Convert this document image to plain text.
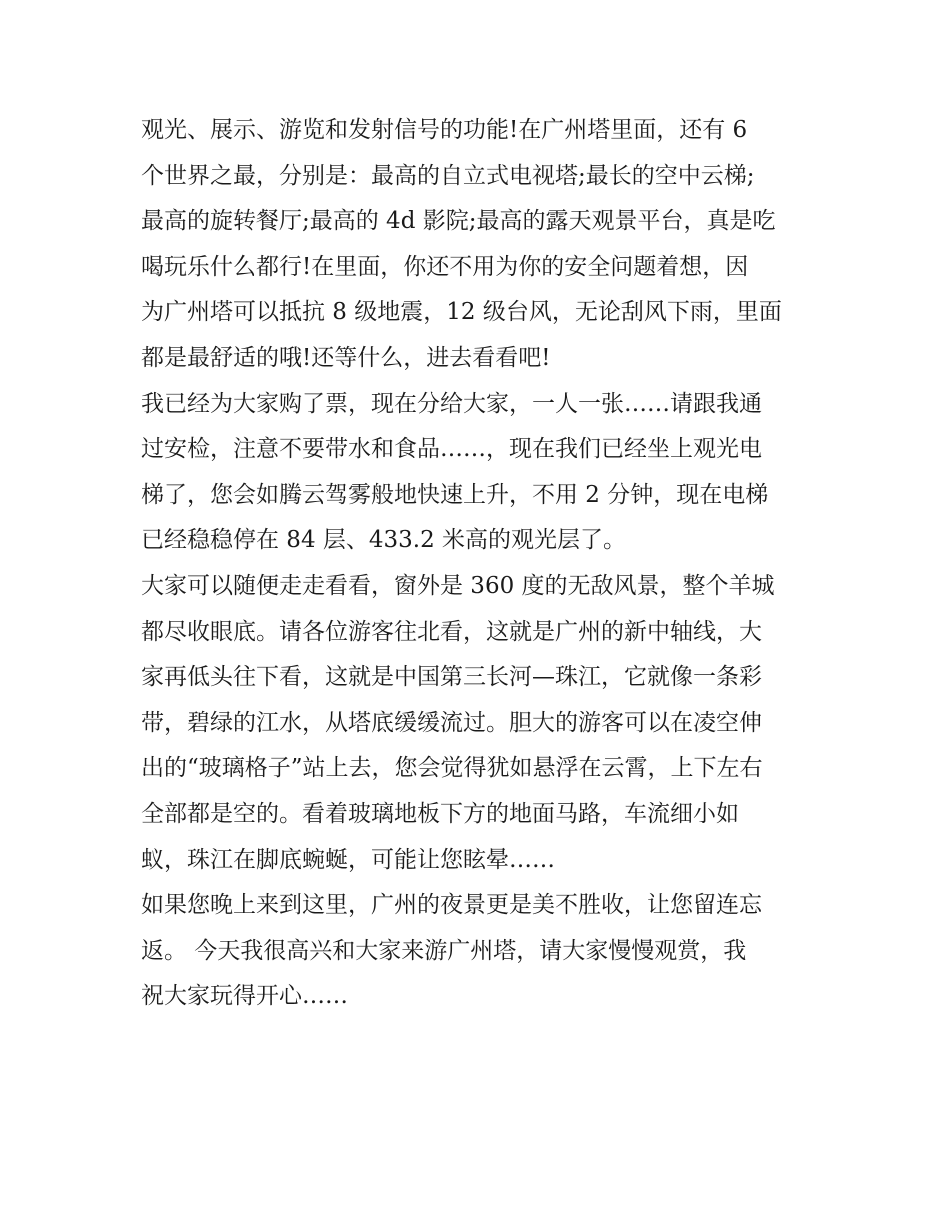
观光、展示、游览和发射信号的功能!在广州塔里面，还有 6
个世界之最，分别是：最高的自立式电视塔;最长的空中云梯;
最高的旋转餐厅;最高的 4d 影院;最高的露天观景平台，真是吃
喝玩乐什么都行!在里面，你还不用为你的安全问题着想，因
为广州塔可以抵抗 8 级地震，12 级台风，无论刮风下雨，里面
都是最舒适的哦!还等什么，进去看看吧!
我已经为大家购了票，现在分给大家，一人一张……请跟我通
过安检，注意不要带水和食品……，现在我们已经坐上观光电
梯了，您会如腾云驾雾般地快速上升，不用 2 分钟，现在电梯
已经稳稳停在 84 层、433.2 米高的观光层了。
大家可以随便走走看看，窗外是 360 度的无敌风景，整个羊城
都尽收眼底。请各位游客往北看，这就是广州的新中轴线，大
家再低头往下看，这就是中国第三长河—珠江，它就像一条彩
带，碧绿的江水，从塔底缓缓流过。胆大的游客可以在凌空伸
出的“玻璃格子”站上去，您会觉得犹如悬浮在云霄，上下左右
全部都是空的。看着玻璃地板下方的地面马路，车流细小如
蚁，珠江在脚底蜿蜒，可能让您眩晕……
如果您晚上来到这里，广州的夜景更是美不胜收，让您留连忘
返。 今天我很高兴和大家来游广州塔，请大家慢慢观赏，我
祝大家玩得开心……
